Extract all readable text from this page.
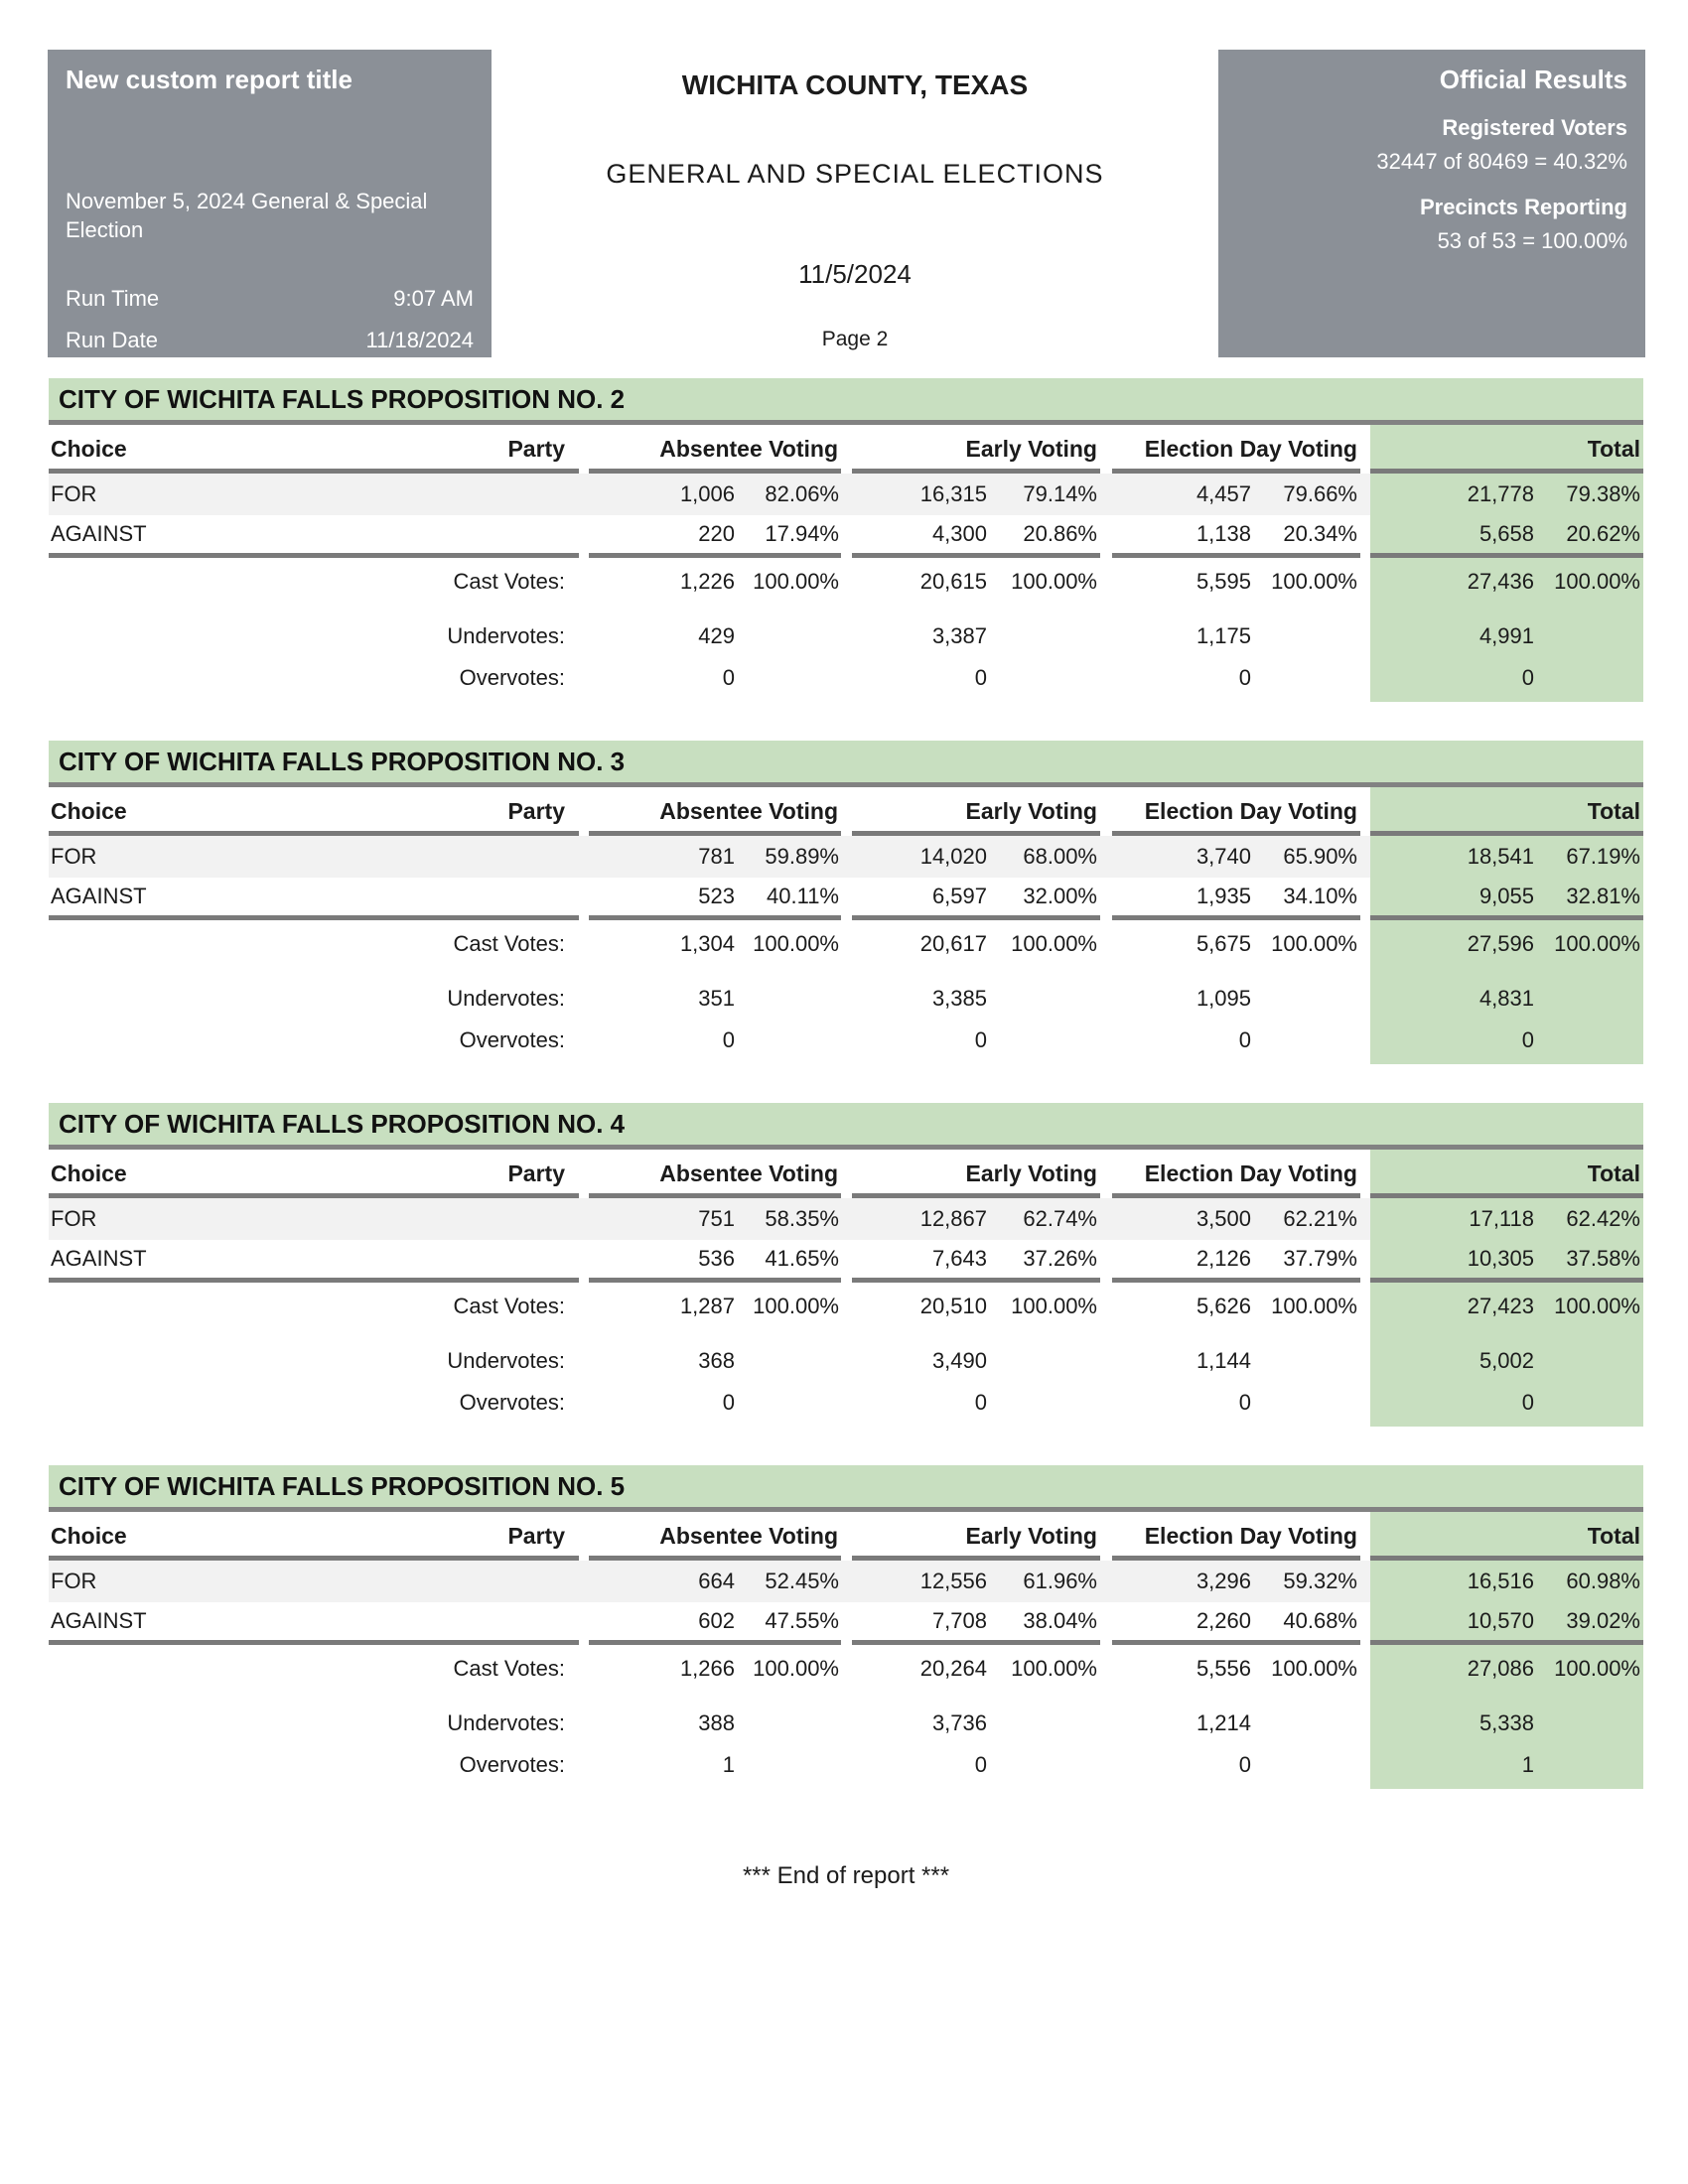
New custom report title
November 5, 2024 General & Special Election
Run Time	9:07 AM
Run Date	11/18/2024
WICHITA COUNTY, TEXAS
GENERAL AND SPECIAL ELECTIONS
11/5/2024
Page 2
Official Results
Registered Voters
32447 of 80469 = 40.32%
Precincts Reporting
53 of 53 = 100.00%
CITY OF WICHITA FALLS PROPOSITION NO. 2
Choice	Party	Absentee Voting	Early Voting	Election Day Voting	Total
FOR	1,006	82.06%	16,315	79.14%	4,457	79.66%	21,778	79.38%
AGAINST	220	17.94%	4,300	20.86%	1,138	20.34%	5,658	20.62%
Cast Votes:	1,226 100.00%	20,615	100.00%	5,595 100.00%	27,436 100.00%
Undervotes:	429	3,387	1,175	4,991
Overvotes:	0	0	0	0
CITY OF WICHITA FALLS PROPOSITION NO. 3
Choice	Party	Absentee Voting	Early Voting	Election Day Voting	Total
FOR	781	59.89%	14,020	68.00%	3,740	65.90%	18,541	67.19%
AGAINST	523	40.11%	6,597	32.00%	1,935	34.10%	9,055	32.81%
Cast Votes:	1,304 100.00%	20,617	100.00%	5,675 100.00%	27,596 100.00%
Undervotes:	351	3,385	1,095	4,831
Overvotes:	0	0	0	0
CITY OF WICHITA FALLS PROPOSITION NO. 4
Choice	Party	Absentee Voting	Early Voting	Election Day Voting	Total
FOR	751	58.35%	12,867	62.74%	3,500	62.21%	17,118	62.42%
AGAINST	536	41.65%	7,643	37.26%	2,126	37.79%	10,305	37.58%
Cast Votes:	1,287 100.00%	20,510	100.00%	5,626 100.00%	27,423 100.00%
Undervotes:	368	3,490	1,144	5,002
Overvotes:	0	0	0	0
CITY OF WICHITA FALLS PROPOSITION NO. 5
Choice	Party	Absentee Voting	Early Voting	Election Day Voting	Total
FOR	664	52.45%	12,556	61.96%	3,296	59.32%	16,516	60.98%
AGAINST	602	47.55%	7,708	38.04%	2,260	40.68%	10,570	39.02%
Cast Votes:	1,266 100.00%	20,264	100.00%	5,556 100.00%	27,086 100.00%
Undervotes:	388	3,736	1,214	5,338
Overvotes:	1	0	0	1
*** End of report ***
